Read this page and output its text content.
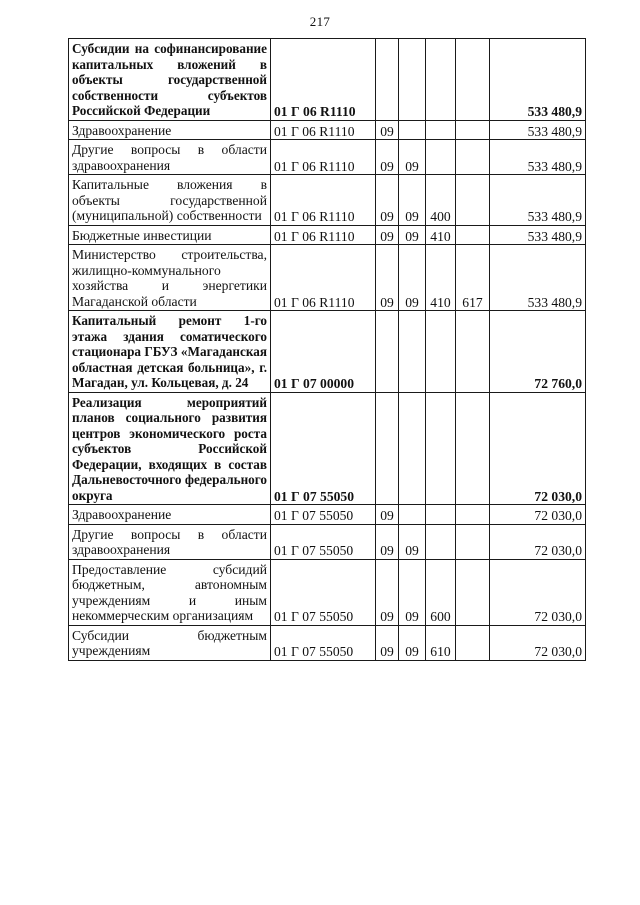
217
Субсидии на софинансирование капитальных вложений в объекты государственной собственности субъектов Российской Федерации	01 Г 06 R1110					533 480,9
Здравоохранение	01 Г 06 R1110	09				533 480,9
Другие вопросы в области здравоохранения	01 Г 06 R1110	09	09			533 480,9
Капитальные вложения в объекты государственной (муниципальной) собственности	01 Г 06 R1110	09	09	400		533 480,9
Бюджетные инвестиции	01 Г 06 R1110	09	09	410		533 480,9
Министерство строительства, жилищно-коммунального хозяйства и энергетики Магаданской области	01 Г 06 R1110	09	09	410	617	533 480,9
Капитальный ремонт 1-го этажа здания соматического стационара ГБУЗ «Магаданская областная детская больница», г. Магадан, ул. Кольцевая, д. 24	01 Г 07 00000					72 760,0
Реализация мероприятий планов социального развития центров экономического роста субъектов Российской Федерации, входящих в состав Дальневосточного федерального округа	01 Г 07 55050					72 030,0
Здравоохранение	01 Г 07 55050	09				72 030,0
Другие вопросы в области здравоохранения	01 Г 07 55050	09	09			72 030,0
Предоставление субсидий бюджетным, автономным учреждениям и иным некоммерческим организациям	01 Г 07 55050	09	09	600		72 030,0
Субсидии бюджетным учреждениям	01 Г 07 55050	09	09	610		72 030,0
